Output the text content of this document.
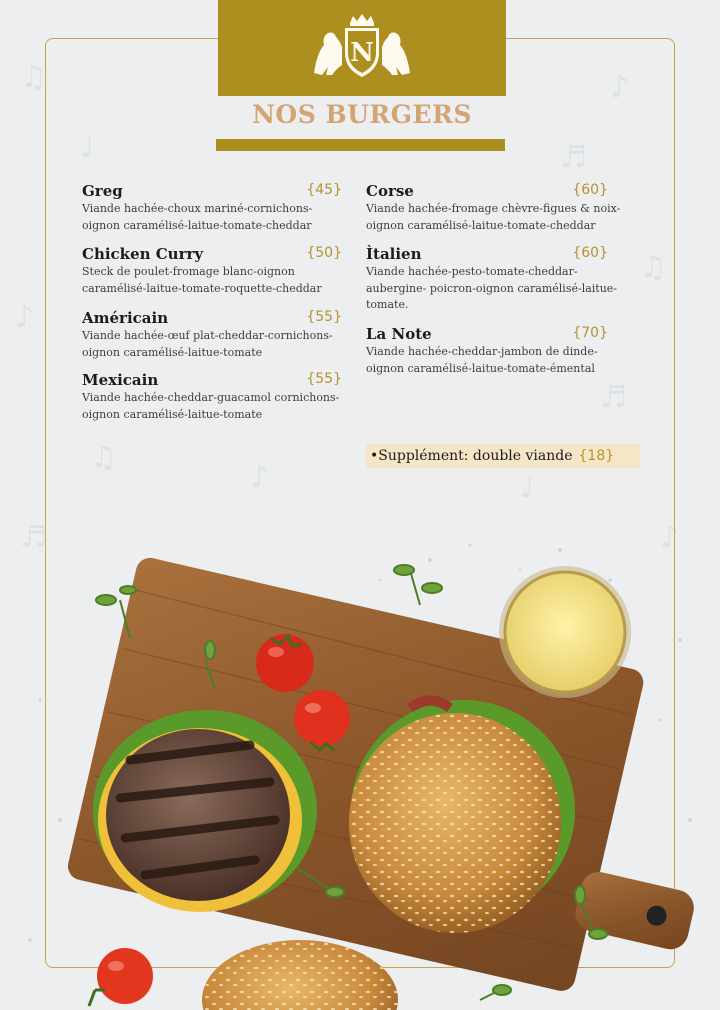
♫	♪
♬
♩
♫
♪
♬
♫
♪	♩
♬	♪
N
NOS BURGERS
Greg	{45}
Viande hachée-choux mariné-cornichons-oignon caramélisé-laitue-tomate-cheddar
Chicken Curry	{50}
Steck de poulet-fromage blanc-oignon caramélisé-laitue-tomate-roquette-cheddar
Américain	{55}
Viande hachée-œuf plat-cheddar-cornichons-oignon caramélisé-laitue-tomate
Mexicain	{55}
Viande hachée-cheddar-guacamol cornichons-oignon caramélisé-laitue-tomate
Corse	{60}
Viande hachée-fromage chèvre-figues & noix-oignon caramélisé-laitue-tomate-cheddar
Ìtalien	{60}
Viande hachée-pesto-tomate-cheddar-aubergine- poicron-oignon caramélisé-laitue-tomate.
La Note	{70}
Viande hachée-cheddar-jambon de dinde-oignon caramélisé-laitue-tomate-émental
•Supplément: double viande {18}
